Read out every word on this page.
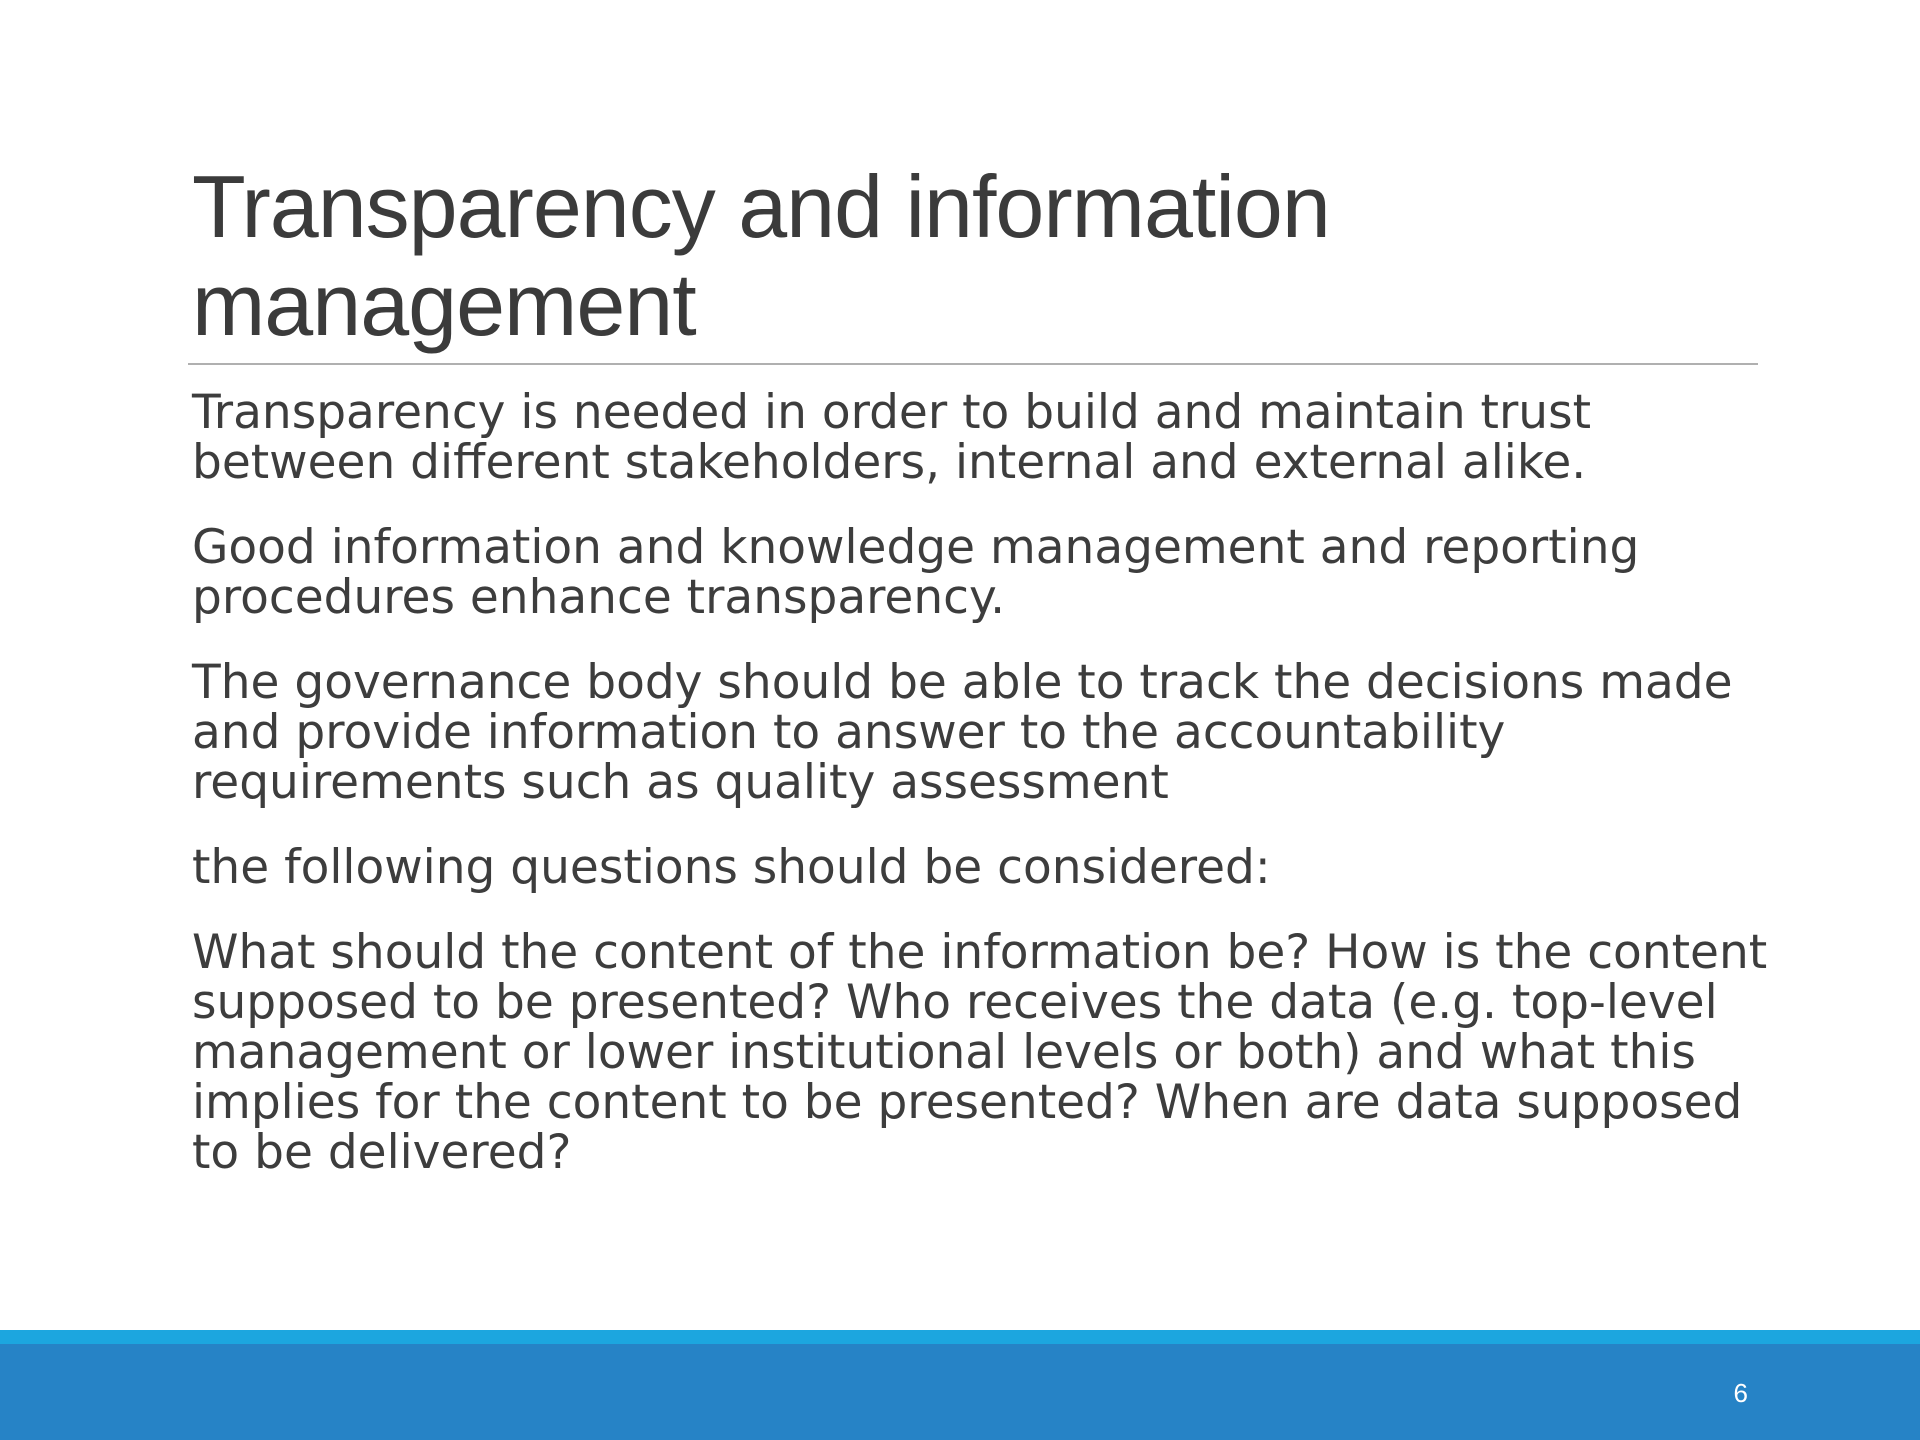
Transparency and information management

Transparency is needed in order to build and maintain trust between different stakeholders, internal and external alike.

Good information and knowledge management and reporting procedures enhance transparency.

The governance body should be able to track the decisions made and provide information to answer to the accountability requirements such as quality assessment

the following questions should be considered:

What should the content of the information be? How is the content supposed to be presented? Who receives the data (e.g. top-level management or lower institutional levels or both) and what this implies for the content to be presented? When are data supposed to be delivered?

6
